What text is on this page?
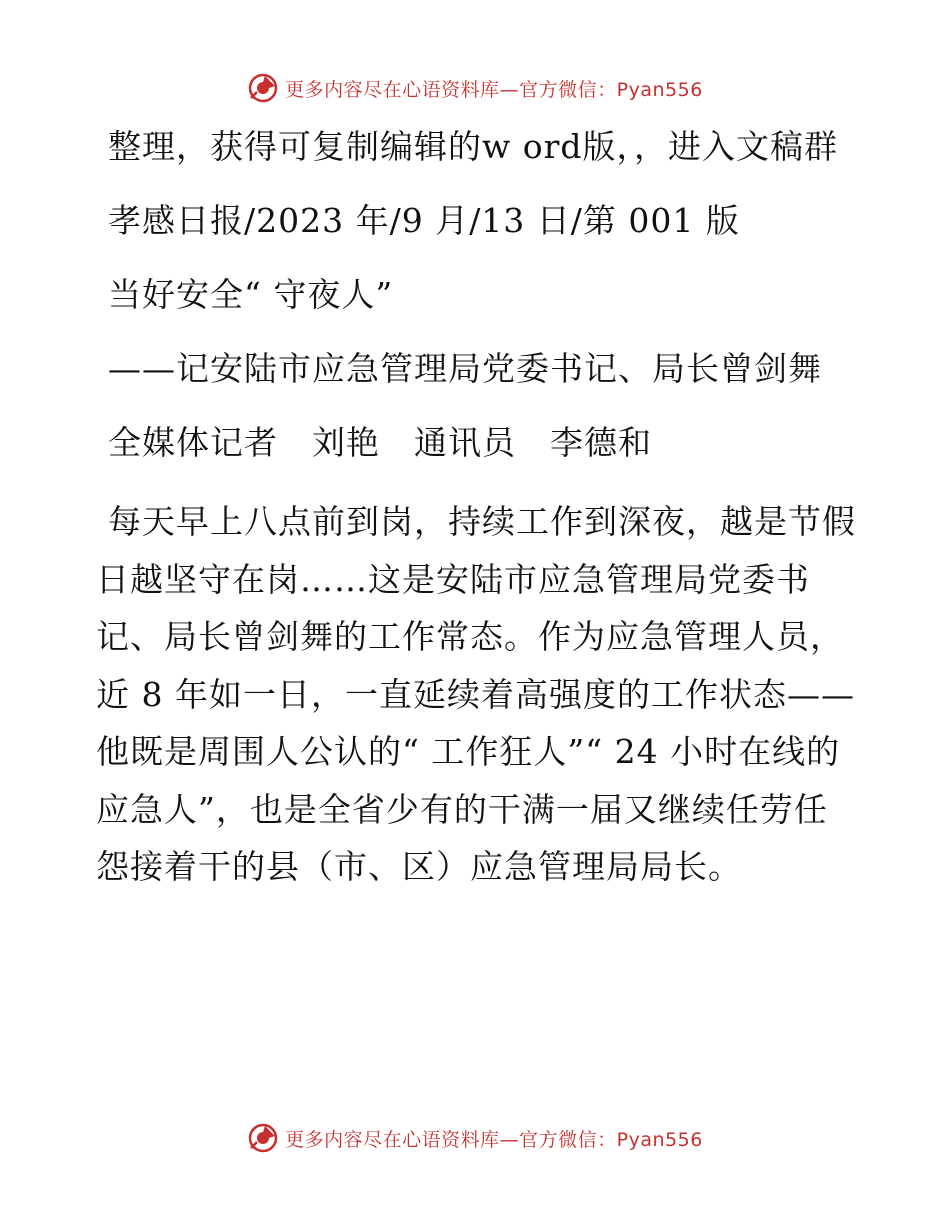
更多内容尽在心语资料库—官方微信：Pyan556

整理，获得可复制编辑的w ord版，，进入文稿群

孝感日报/2023 年/9 月/13 日/第 001 版

当好安全“ 守夜人”

——记安陆市应急管理局党委书记、局长曾剑舞

全媒体记者　刘艳　通讯员　李德和

每天早上八点前到岗，持续工作到深夜，越是节假日越坚守在岗……这是安陆市应急管理局党委书记、局长曾剑舞的工作常态。作为应急管理人员，近 8 年如一日，一直延续着高强度的工作状态——他既是周围人公认的“ 工作狂人”“ 24 小时在线的应急人”，也是全省少有的干满一届又继续任劳任怨接着干的县（市、区）应急管理局局长。

更多内容尽在心语资料库—官方微信：Pyan556
